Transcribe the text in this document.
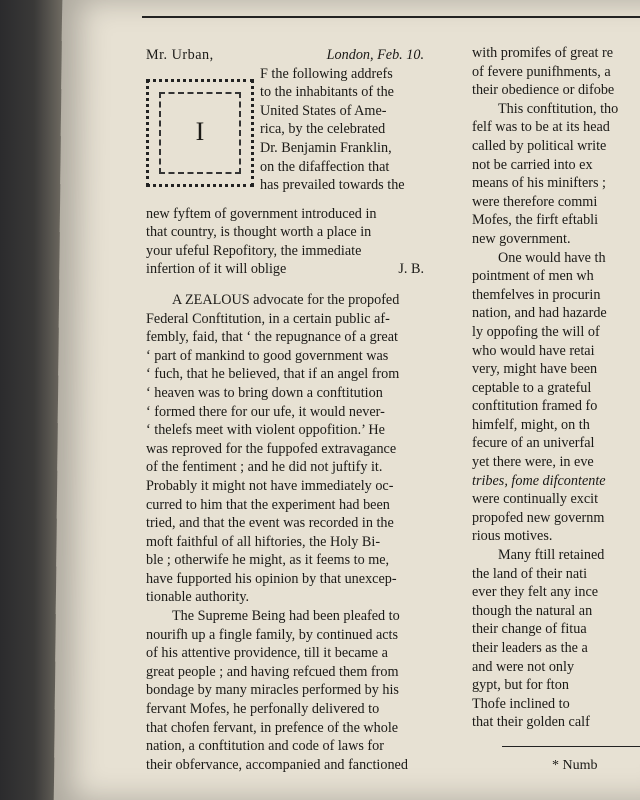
Mr. Urban,	London, Feb. 10.
I
F the following addrefs
to the inhabitants of the
United States of Ame-
rica, by the celebrated
Dr. Benjamin Franklin,
on the difaffection that
has prevailed towards the
new fyftem of government introduced in
that country, is thought worth a place in
your ufeful Repofitory, the immediate
infertion of it will oblige	J. B.
A ZEALOUS advocate for the propofed
Federal Conftitution, in a certain public af-
fembly, faid, that ‘ the repugnance of a great
‘ part of mankind to good government was
‘ fuch, that he believed, that if an angel from
‘ heaven was to bring down a conftitution
‘ formed there for our ufe, it would never-
‘ thelefs meet with violent oppofition.’ He
was reproved for the fuppofed extravagance
of the fentiment ; and he did not juftify it.
Probably it might not have immediately oc-
curred to him that the experiment had been
tried, and that the event was recorded in the
moft faithful of all hiftories, the Holy Bi-
ble ; otherwife he might, as it feems to me,
have fupported his opinion by that unexcep-
tionable authority.
The Supreme Being had been pleafed to
nourifh up a fingle family, by continued acts
of his attentive providence, till it became a
great people ; and having refcued them from
bondage by many miracles performed by his
fervant Mofes, he perfonally delivered to
that chofen fervant, in prefence of the whole
nation, a conftitution and code of laws for
their obfervance, accompanied and fanctioned
with promifes of great re
of fevere punifhments, a
their obedience or difobe
This conftitution, tho
felf was to be at its head
called by political write
not be carried into ex
means of his minifters ;
were therefore commi
Mofes, the firft eftabli
new government.
One would have th
pointment of men wh
themfelves in procurin
nation, and had hazarde
ly oppofing the will of
who would have retai
very, might have been
ceptable to a grateful
conftitution framed fo
himfelf, might, on th
fecure of an univerfal
yet there were, in eve
tribes, fome difcontente
were continually excit
propofed new governm
rious motives.
Many ftill retained
the land of their nati
ever they felt any ince
though the natural an
their change of fitua
their leaders as the a
and were not only
gypt, but for fton
Thofe inclined to
that their golden calf
* Numb
